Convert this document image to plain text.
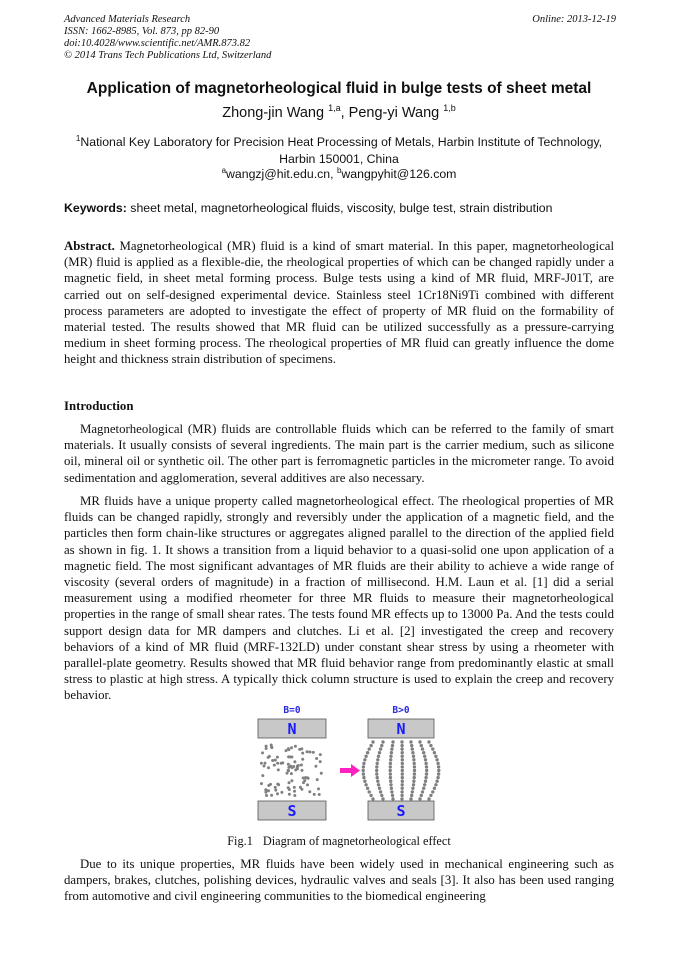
Advanced Materials Research
ISSN: 1662-8985, Vol. 873, pp 82-90
doi:10.4028/www.scientific.net/AMR.873.82
© 2014 Trans Tech Publications Ltd, Switzerland
Online: 2013-12-19
Application of magnetorheological fluid in bulge tests of sheet metal
Zhong-jin Wang $^{1,a}$, Peng-yi Wang $^{1,b}$
$^1$National Key Laboratory for Precision Heat Processing of Metals, Harbin Institute of Technology, Harbin 150001, China
$^a$wangzj@hit.edu.cn, $^b$wangpyhit@126.com
Keywords: sheet metal, magnetorheological fluids, viscosity, bulge test, strain distribution
Abstract. Magnetorheological (MR) fluid is a kind of smart material. In this paper, magnetorheological (MR) fluid is applied as a flexible-die, the rheological properties of which can be changed rapidly under a magnetic field, in sheet metal forming process. Bulge tests using a kind of MR fluid, MRF-J01T, are carried out on self-designed experimental device. Stainless steel 1Cr18Ni9Ti combined with different process parameters are adopted to investigate the effect of property of MR fluid on the formability of material tested. The results showed that MR fluid can be utilized successfully as a pressure-carrying medium in sheet forming process. The rheological properties of MR fluid can greatly influence the dome height and thickness strain distribution of specimens.
Introduction
Magnetorheological (MR) fluids are controllable fluids which can be referred to the family of smart materials. It usually consists of several ingredients. The main part is the carrier medium, such as silicone oil, mineral oil or synthetic oil. The other part is ferromagnetic particles in the micrometer range. To avoid sedimentation and agglomeration, several additives are also necessary.
MR fluids have a unique property called magnetorheological effect. The rheological properties of MR fluids can be changed rapidly, strongly and reversibly under the application of a magnetic field, and the particles then form chain-like structures or aggregates aligned parallel to the direction of the applied field as shown in fig. 1. It shows a transition from a liquid behavior to a quasi-solid one upon application of a magnetic field. The most significant advantages of MR fluids are their ability to achieve a wide range of viscosity (several orders of magnitude) in a fraction of millisecond. H.M. Laun et al. [1] did a serial measurement using a modified rheometer for three MR fluids to measure their magnetorheological properties in the range of small shear rates. The tests found MR effects up to 13000 Pa. And the tests could support design data for MR dampers and clutches. Li et al. [2] investigated the creep and recovery behaviors of a kind of MR fluid (MRF-132LD) under constant shear stress by using a rheometer with parallel-plate geometry. Results showed that MR fluid behavior range from predominantly elastic at small stress to plastic at high stress. A typically thick column structure is used to explain the creep and recovery behavior.
B=0	B>0
N	N
S	S
Fig.1 Diagram of magnetorheological effect
Due to its unique properties, MR fluids have been widely used in mechanical engineering such as dampers, brakes, clutches, polishing devices, hydraulic valves and seals [3]. It also has been used ranging from automotive and civil engineering communities to the biomedical engineering
